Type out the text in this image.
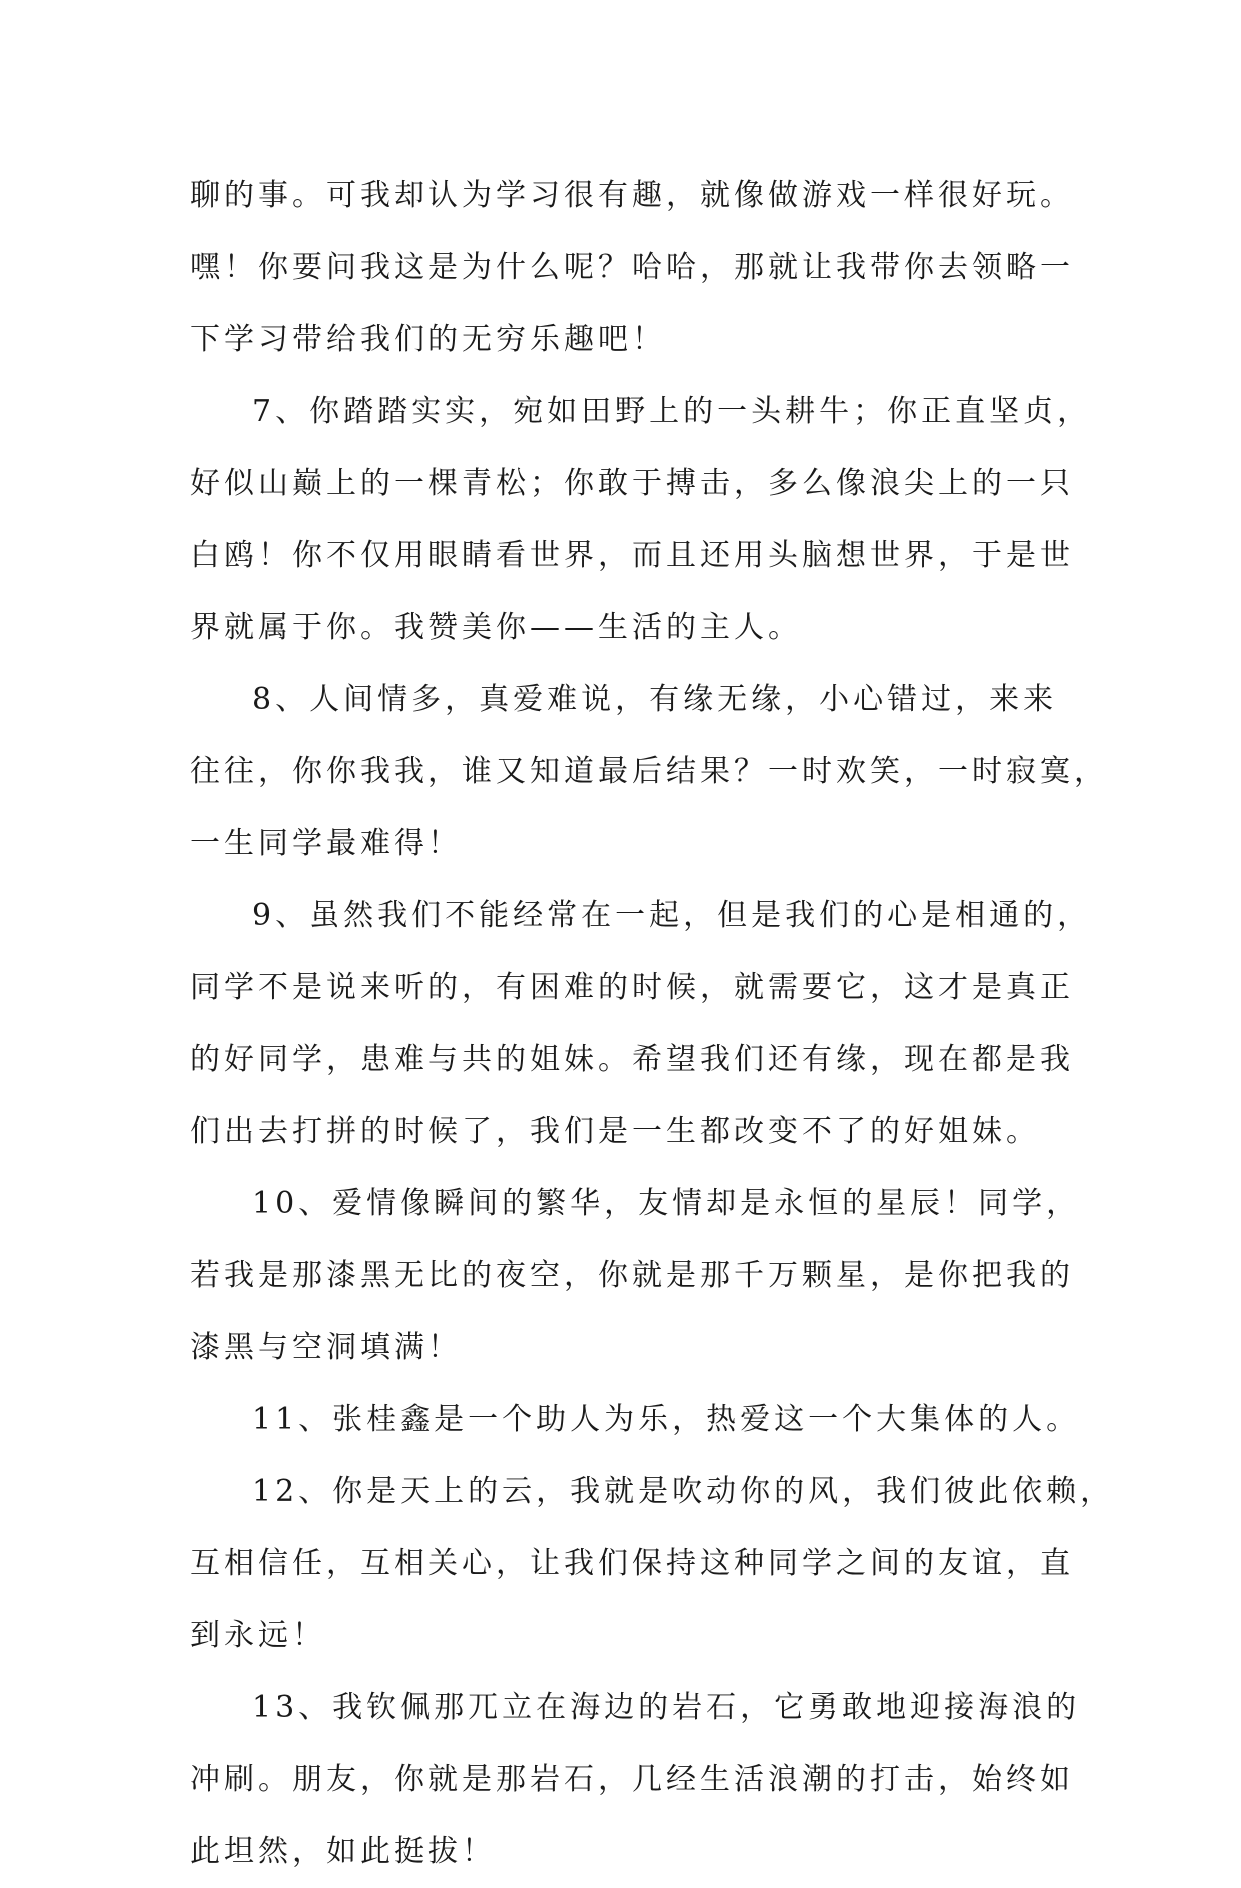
聊的事。可我却认为学习很有趣，就像做游戏一样很好玩。
嘿！你要问我这是为什么呢？哈哈，那就让我带你去领略一
下学习带给我们的无穷乐趣吧！
7、你踏踏实实，宛如田野上的一头耕牛；你正直坚贞，
好似山巅上的一棵青松；你敢于搏击，多么像浪尖上的一只
白鸥！你不仅用眼睛看世界，而且还用头脑想世界，于是世
界就属于你。我赞美你——生活的主人。
8、人间情多，真爱难说，有缘无缘，小心错过，来来
往往，你你我我，谁又知道最后结果？一时欢笑，一时寂寞，
一生同学最难得！
9、虽然我们不能经常在一起，但是我们的心是相通的，
同学不是说来听的，有困难的时候，就需要它，这才是真正
的好同学，患难与共的姐妹。希望我们还有缘，现在都是我
们出去打拼的时候了，我们是一生都改变不了的好姐妹。
10、爱情像瞬间的繁华，友情却是永恒的星辰！同学，
若我是那漆黑无比的夜空，你就是那千万颗星，是你把我的
漆黑与空洞填满！
11、张桂鑫是一个助人为乐，热爱这一个大集体的人。
12、你是天上的云，我就是吹动你的风，我们彼此依赖，
互相信任，互相关心，让我们保持这种同学之间的友谊，直
到永远！
13、我钦佩那兀立在海边的岩石，它勇敢地迎接海浪的
冲刷。朋友，你就是那岩石，几经生活浪潮的打击，始终如
此坦然，如此挺拔！
